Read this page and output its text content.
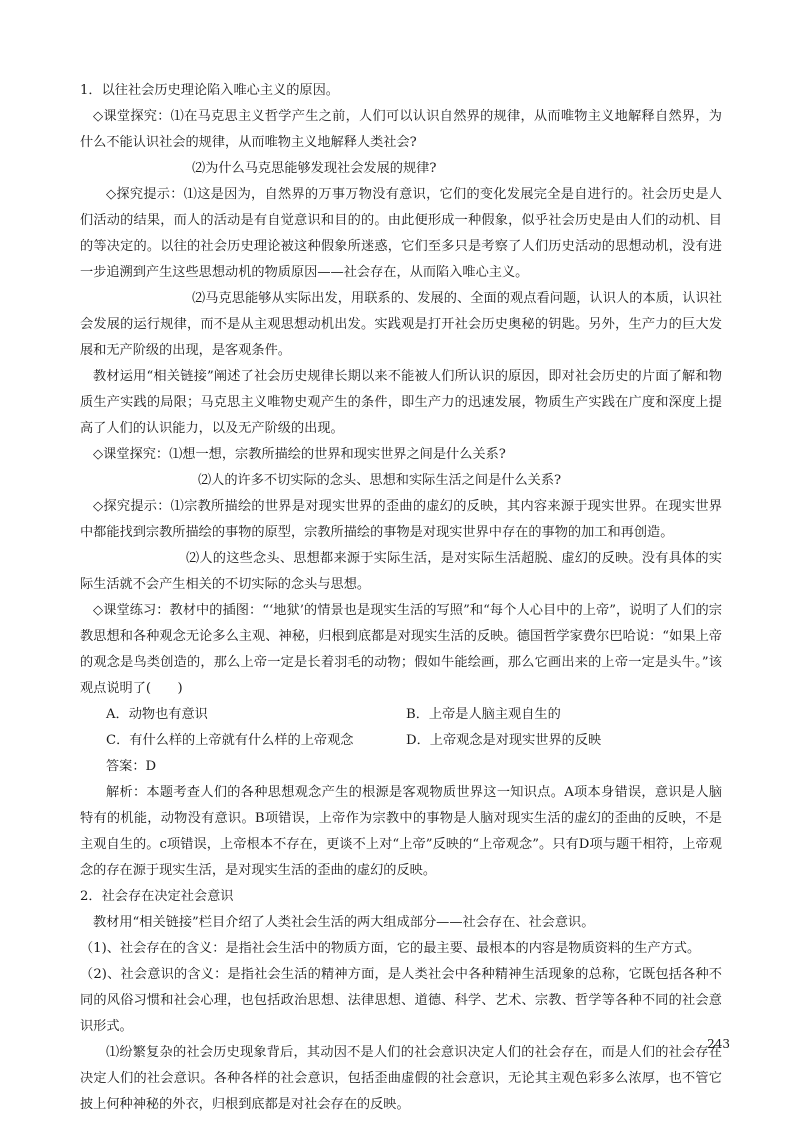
1．以往社会历史理论陷入唯心主义的原因。

◇课堂探究：⑴在马克思主义哲学产生之前，人们可以认识自然界的规律，从而唯物主义地解释自然界，为什么不能认识社会的规律，从而唯物主义地解释人类社会?

⑵为什么马克思能够发现社会发展的规律?

◇探究提示：⑴这是因为，自然界的万事万物没有意识，它们的变化发展完全是自进行的。社会历史是人们活动的结果，而人的活动是有自觉意识和目的的。由此便形成一种假象，似乎社会历史是由人们的动机、目的等决定的。以往的社会历史理论被这种假象所迷惑，它们至多只是考察了人们历史活动的思想动机，没有进一步追溯到产生这些思想动机的物质原因——社会存在，从而陷入唯心主义。

⑵马克思能够从实际出发，用联系的、发展的、全面的观点看问题，认识人的本质，认识社会发展的运行规律，而不是从主观思想动机出发。实践观是打开社会历史奥秘的钥匙。另外，生产力的巨大发展和无产阶级的出现，是客观条件。

教材运用“相关链接”阐述了社会历史规律长期以来不能被人们所认识的原因，即对社会历史的片面了解和物质生产实践的局限；马克思主义唯物史观产生的条件，即生产力的迅速发展，物质生产实践在广度和深度上提高了人们的认识能力，以及无产阶级的出现。

◇课堂探究：⑴想一想，宗教所描绘的世界和现实世界之间是什么关系?

⑵人的许多不切实际的念头、思想和实际生活之间是什么关系?

◇探究提示：⑴宗教所描绘的世界是对现实世界的歪曲的虚幻的反映，其内容来源于现实世界。在现实世界中都能找到宗教所描绘的事物的原型，宗教所描绘的事物是对现实世界中存在的事物的加工和再创造。

⑵人的这些念头、思想都来源于实际生活，是对实际生活超脱、虚幻的反映。没有具体的实际生活就不会产生相关的不切实际的念头与思想。

◇课堂练习：教材中的插图：“‘地狱’的情景也是现实生活的写照”和“每个人心目中的上帝”，说明了人们的宗教思想和各种观念无论多么主观、神秘，归根到底都是对现实生活的反映。德国哲学家费尔巴哈说：“如果上帝的观念是鸟类创造的，那么上帝一定是长着羽毛的动物；假如牛能绘画，那么它画出来的上帝一定是头牛。”该观点说明了(　　)

A．动物也有意识	B．上帝是人脑主观自生的
C．有什么样的上帝就有什么样的上帝观念	D．上帝观念是对现实世界的反映

答案：D

解析：本题考查人们的各种思想观念产生的根源是客观物质世界这一知识点。A项本身错误，意识是人脑特有的机能，动物没有意识。B项错误，上帝作为宗教中的事物是人脑对现实生活的虚幻的歪曲的反映，不是主观自生的。c项错误，上帝根本不存在，更谈不上对“上帝”反映的“上帝观念”。只有D项与题干相符，上帝观念的存在源于现实生活，是对现实生活的歪曲的虚幻的反映。

2．社会存在决定社会意识

教材用“相关链接”栏目介绍了人类社会生活的两大组成部分——社会存在、社会意识。

（1)、社会存在的含义：是指社会生活中的物质方面，它的最主要、最根本的内容是物质资料的生产方式。

（2)、社会意识的含义：是指社会生活的精神方面，是人类社会中各种精神生活现象的总称，它既包括各种不同的风俗习惯和社会心理，也包括政治思想、法律思想、道德、科学、艺术、宗教、哲学等各种不同的社会意识形式。

⑴纷繁复杂的社会历史现象背后，其动因不是人们的社会意识决定人们的社会存在，而是人们的社会存在决定人们的社会意识。各种各样的社会意识，包括歪曲虚假的社会意识，无论其主观色彩多么浓厚，也不管它披上何种神秘的外衣，归根到底都是对社会存在的反映。

243
